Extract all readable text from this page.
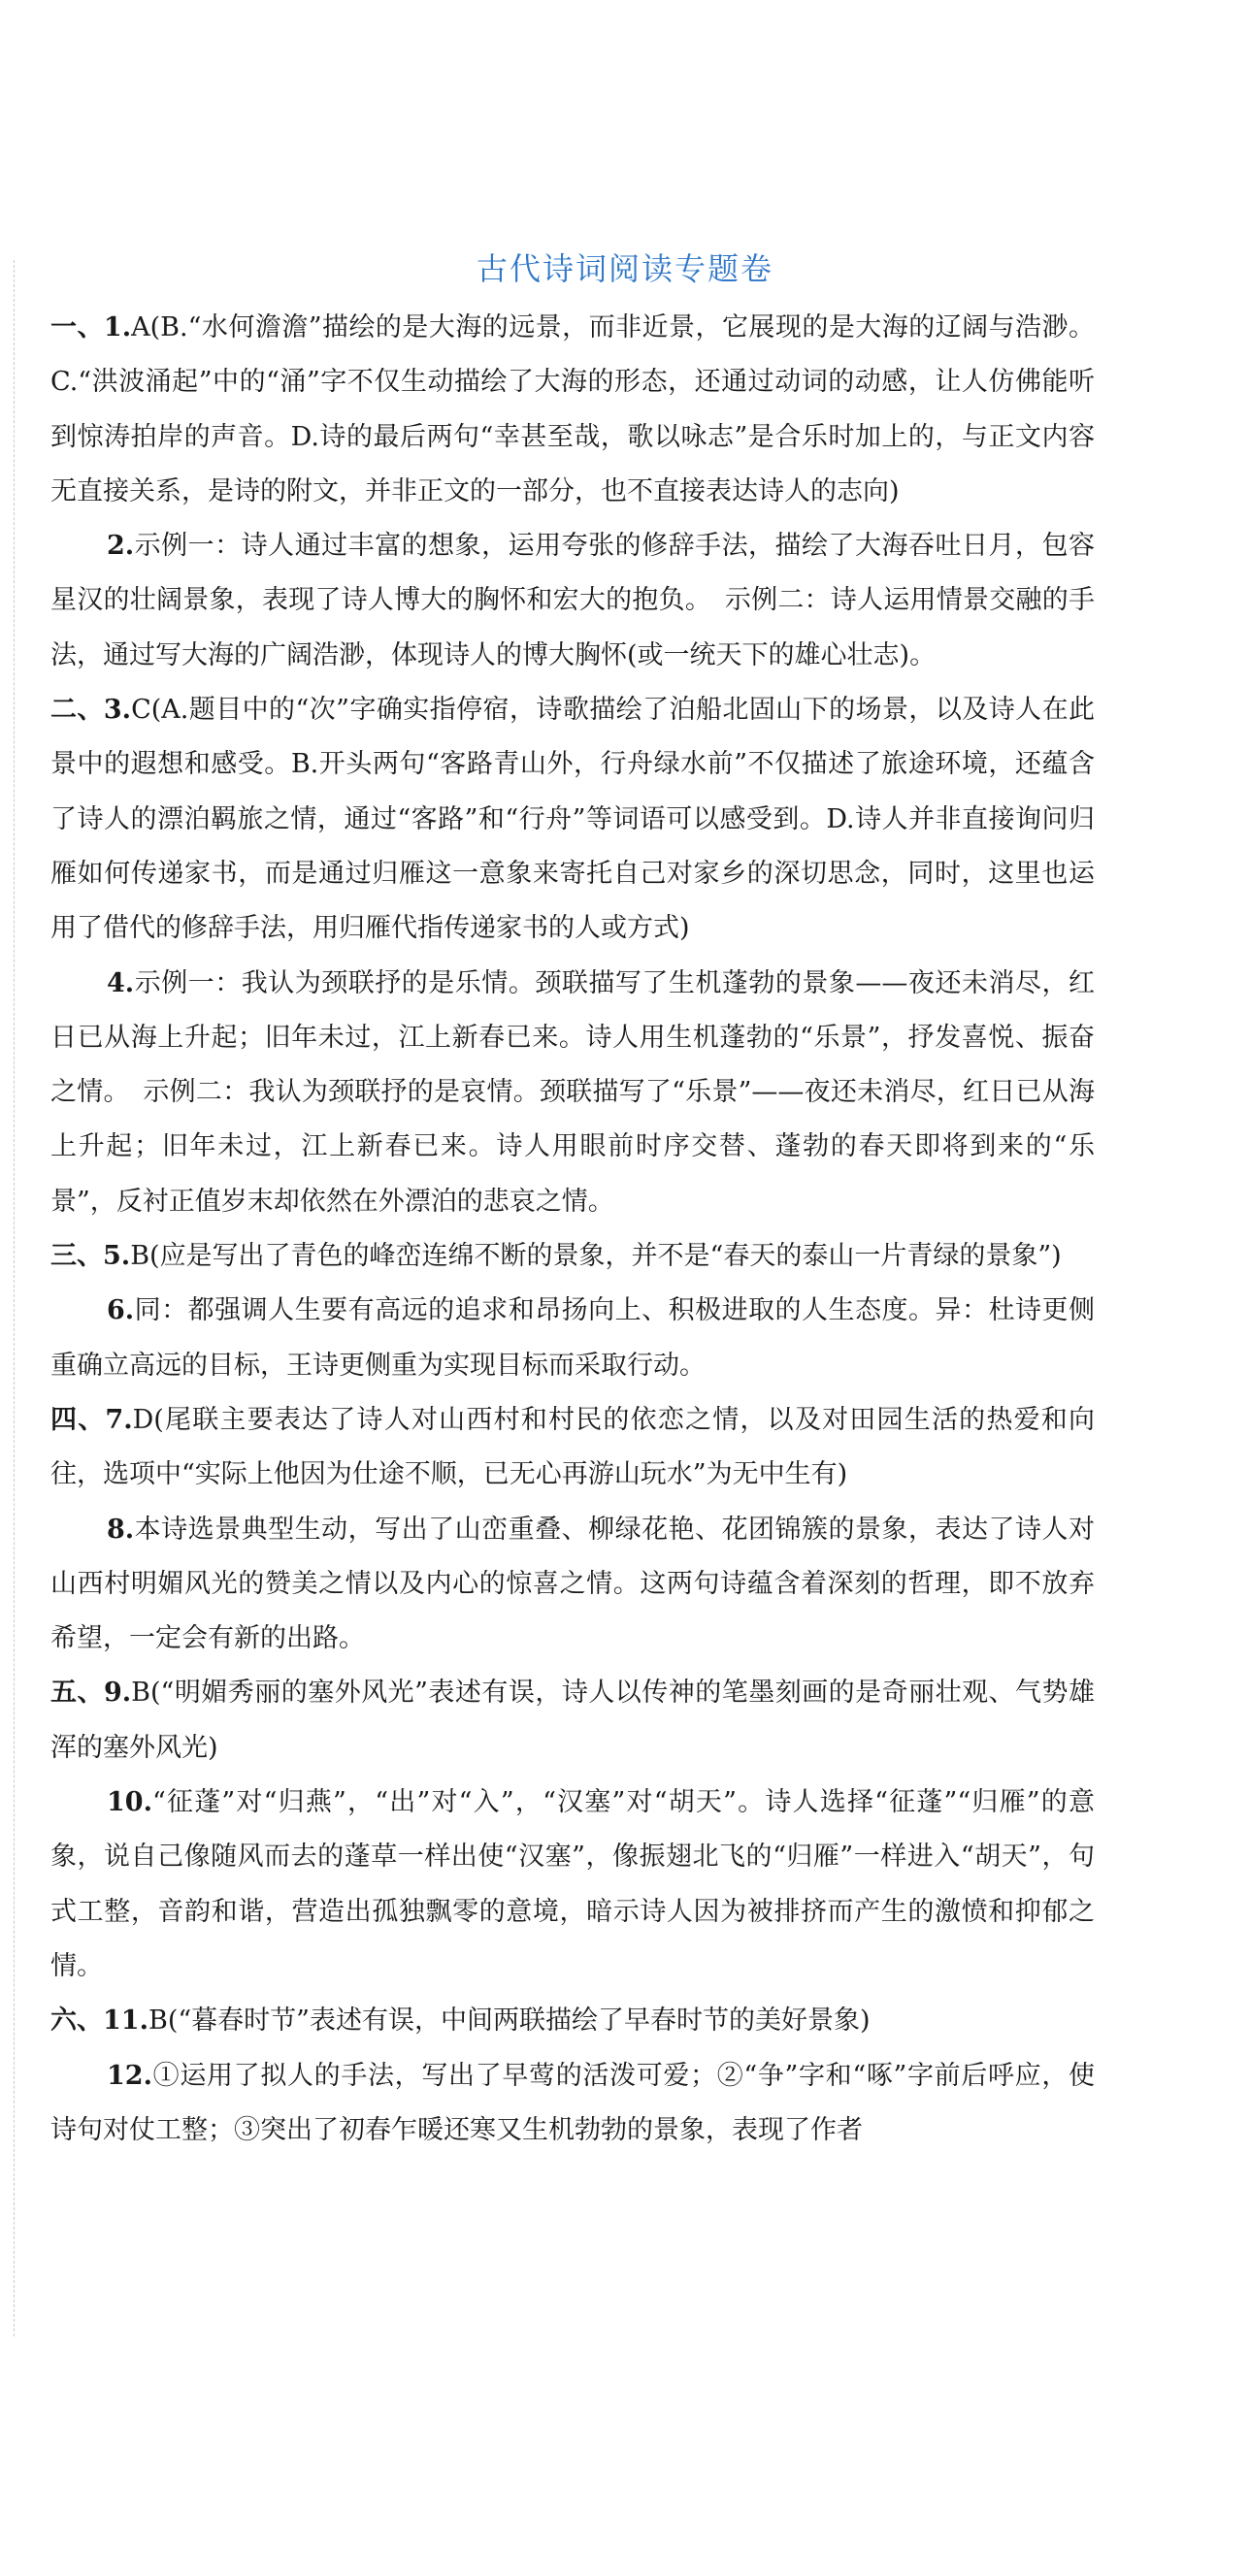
古代诗词阅读专题卷

一、1.A(B.“水何澹澹”描绘的是大海的远景，而非近景，它展现的是大海的辽阔与浩渺。C.“洪波涌起”中的“涌”字不仅生动描绘了大海的形态，还通过动词的动感，让人仿佛能听到惊涛拍岸的声音。D.诗的最后两句“幸甚至哉，歌以咏志”是合乐时加上的，与正文内容无直接关系，是诗的附文，并非正文的一部分，也不直接表达诗人的志向)

2.示例一：诗人通过丰富的想象，运用夸张的修辞手法，描绘了大海吞吐日月，包容星汉的壮阔景象，表现了诗人博大的胸怀和宏大的抱负。　示例二：诗人运用情景交融的手法，通过写大海的广阔浩渺，体现诗人的博大胸怀(或一统天下的雄心壮志)。

二、3.C(A.题目中的“次”字确实指停宿，诗歌描绘了泊船北固山下的场景，以及诗人在此景中的遐想和感受。B.开头两句“客路青山外，行舟绿水前”不仅描述了旅途环境，还蕴含了诗人的漂泊羁旅之情，通过“客路”和“行舟”等词语可以感受到。D.诗人并非直接询问归雁如何传递家书，而是通过归雁这一意象来寄托自己对家乡的深切思念，同时，这里也运用了借代的修辞手法，用归雁代指传递家书的人或方式)

4.示例一：我认为颈联抒的是乐情。颈联描写了生机蓬勃的景象——夜还未消尽，红日已从海上升起；旧年未过，江上新春已来。诗人用生机蓬勃的“乐景”，抒发喜悦、振奋之情。　示例二：我认为颈联抒的是哀情。颈联描写了“乐景”——夜还未消尽，红日已从海上升起；旧年未过，江上新春已来。诗人用眼前时序交替、蓬勃的春天即将到来的“乐景”，反衬正值岁末却依然在外漂泊的悲哀之情。

三、5.B(应是写出了青色的峰峦连绵不断的景象，并不是“春天的泰山一片青绿的景象”)

6.同：都强调人生要有高远的追求和昂扬向上、积极进取的人生态度。异：杜诗更侧重确立高远的目标，王诗更侧重为实现目标而采取行动。

四、7.D(尾联主要表达了诗人对山西村和村民的依恋之情，以及对田园生活的热爱和向往，选项中“实际上他因为仕途不顺，已无心再游山玩水”为无中生有)

8.本诗选景典型生动，写出了山峦重叠、柳绿花艳、花团锦簇的景象，表达了诗人对山西村明媚风光的赞美之情以及内心的惊喜之情。这两句诗蕴含着深刻的哲理，即不放弃希望，一定会有新的出路。

五、9.B(“明媚秀丽的塞外风光”表述有误，诗人以传神的笔墨刻画的是奇丽壮观、气势雄浑的塞外风光)

10.“征蓬”对“归燕”，“出”对“入”，“汉塞”对“胡天”。诗人选择“征蓬”“归雁”的意象，说自己像随风而去的蓬草一样出使“汉塞”，像振翅北飞的“归雁”一样进入“胡天”，句式工整，音韵和谐，营造出孤独飘零的意境，暗示诗人因为被排挤而产生的激愤和抑郁之情。

六、11.B(“暮春时节”表述有误，中间两联描绘了早春时节的美好景象)

12.①运用了拟人的手法，写出了早莺的活泼可爱；②“争”字和“啄”字前后呼应，使诗句对仗工整；③突出了初春乍暖还寒又生机勃勃的景象，表现了作者
